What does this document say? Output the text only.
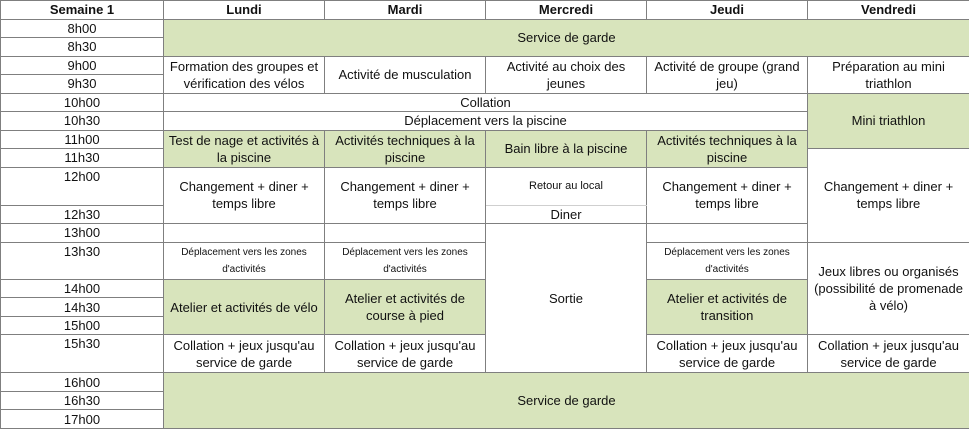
Semaine 1	Lundi	Mardi	Mercredi	Jeudi	Vendredi
8h00	Service de garde				
8h30					
9h00	Formation des groupes et vérification des vélos	Activité de musculation	Activité au choix des jeunes	Activité de groupe (grand jeu)	Préparation au mini triathlon
9h30					
10h00	Collation				Mini triathlon
10h30	Déplacement vers la piscine				
11h00	Test de nage et activités à la piscine	Activités techniques à la piscine	Bain libre à la piscine	Activités techniques à la piscine	
11h30					Changement + diner + temps libre
12h00	Changement + diner + temps libre	Changement + diner + temps libre	Retour au local	Changement + diner + temps libre	
12h30			Diner		
13h00			Sortie		
13h30	Déplacement vers les zones d'activités	Déplacement vers les zones d'activités		Déplacement vers les zones d'activités	Jeux libres ou organisés (possibilité de promenade à vélo)
14h00	Atelier et activités de vélo	Atelier et activités de course à pied		Atelier et activités de transition	
14h30					
15h00					
15h30	Collation + jeux jusqu'au service de garde	Collation + jeux jusqu'au service de garde		Collation + jeux jusqu'au service de garde	Collation + jeux jusqu'au service de garde
16h00	Service de garde				
16h30					
17h00					
